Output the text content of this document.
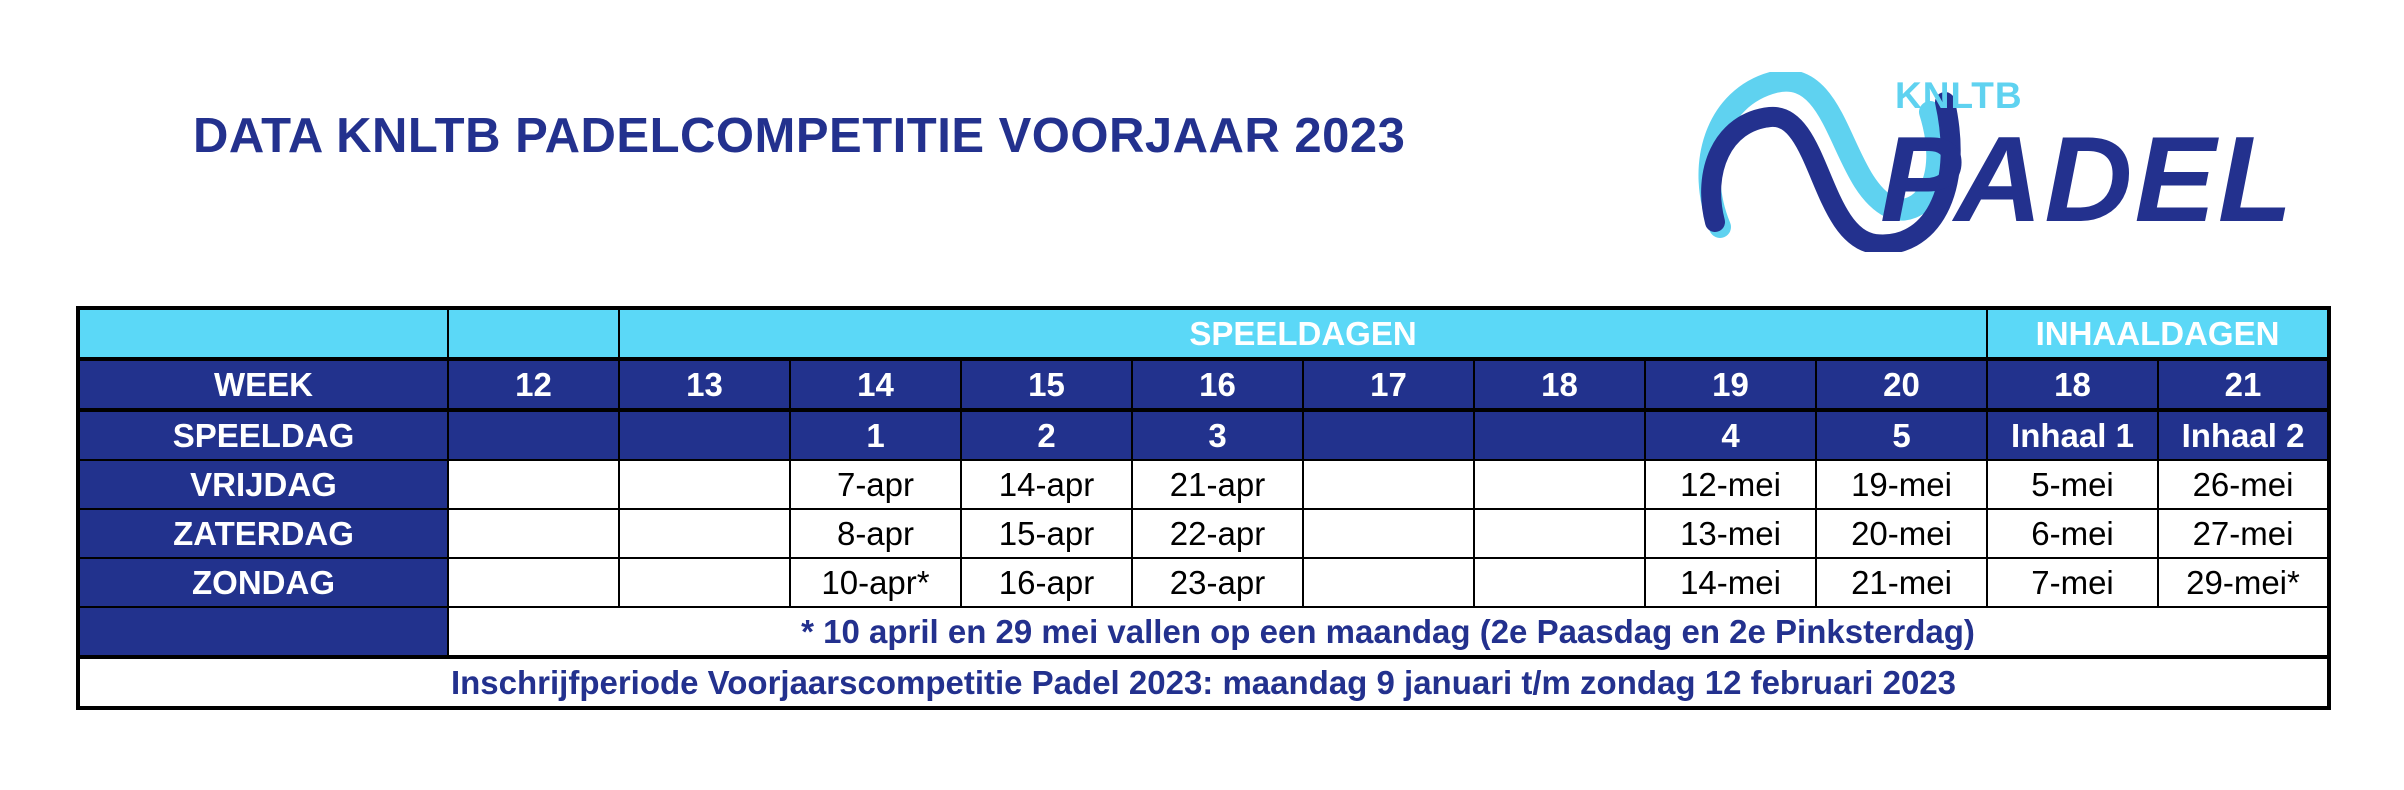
DATA KNLTB PADELCOMPETITIE VOORJAAR 2023
KNLTB
PADEL
		SPEELDAGEN								INHAALDAGEN	
WEEK	12	13	14	15	16	17	18	19	20	18	21
SPEELDAG			1	2	3			4	5	Inhaal 1	Inhaal 2
VRIJDAG			7-apr	14-apr	21-apr			12-mei	19-mei	5-mei	26-mei
ZATERDAG			8-apr	15-apr	22-apr			13-mei	20-mei	6-mei	27-mei
ZONDAG			10-apr*	16-apr	23-apr			14-mei	21-mei	7-mei	29-mei*
	* 10 april en 29 mei vallen op een maandag (2e Paasdag en 2e Pinksterdag)										
Inschrijfperiode Voorjaarscompetitie Padel 2023: maandag 9 januari t/m zondag 12 februari 2023											
